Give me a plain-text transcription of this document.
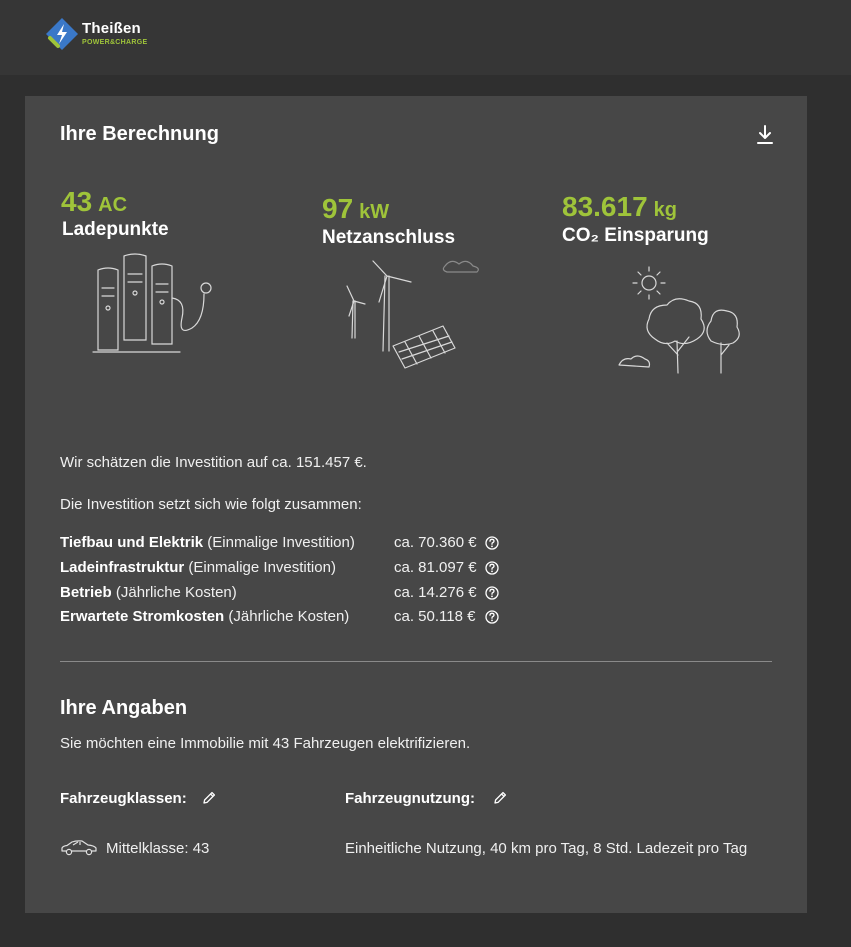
Theißen
POWER&CHARGE
Ihre Berechnung
43 AC
Ladepunkte
97 kW
Netzanschluss
83.617 kg
CO₂ Einsparung
Wir schätzen die Investition auf ca. 151.457 €.
Die Investition setzt sich wie folgt zusammen:
Tiefbau und Elektrik (Einmalige Investition)	ca. 70.360 €
Ladeinfrastruktur (Einmalige Investition)	ca. 81.097 €
Betrieb (Jährliche Kosten)	ca. 14.276 €
Erwartete Stromkosten (Jährliche Kosten)	ca. 50.118 €
Ihre Angaben
Sie möchten eine Immobilie mit 43 Fahrzeugen elektrifizieren.
Fahrzeugklassen:	Fahrzeugnutzung:
Mittelklasse: 43	Einheitliche Nutzung, 40 km pro Tag, 8 Std. Ladezeit pro Tag
